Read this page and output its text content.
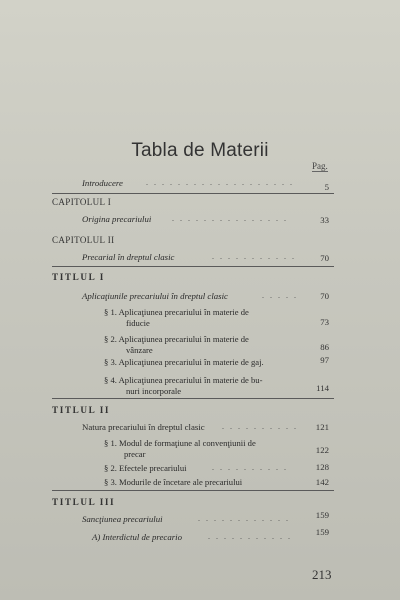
Tabla de Materii
Pag.
Introducere	. . . . . . . . . . . . . . . . . . .	5
CAPITOLUL I
Origina precariului	. . . . . . . . . . . . . . .	33
CAPITOLUL II
Precarial în dreptul clasic	. . . . . . . . . . .	70
TITLUL I
Aplicaţiunile precariului în dreptul clasic	. . . . .	70
§ 1. Aplicaţiunea precariului în materie de
fiducie	73
§ 2. Aplicaţiunea precariului în materie de
vânzare	86
§ 3. Aplicaţiunea precariului în materie de gaj.	97
§ 4. Aplicaţiunea precariului în materie de bu-
nuri incorporale	114
TITLUL II
Natura precariului în dreptul clasic . . . . . . . . . .	121
§ 1. Modul de formaţiune al convenţiunii de
precar	122
§ 2. Efectele precariului	. . . . . . . . . .	128
§ 3. Modurile de încetare ale precariului	142
TITLUL III
Sancţiunea precariului	. . . . . . . . . . . .	159
A) Interdictul de precario	. . . . . . . . . . .	159
213
